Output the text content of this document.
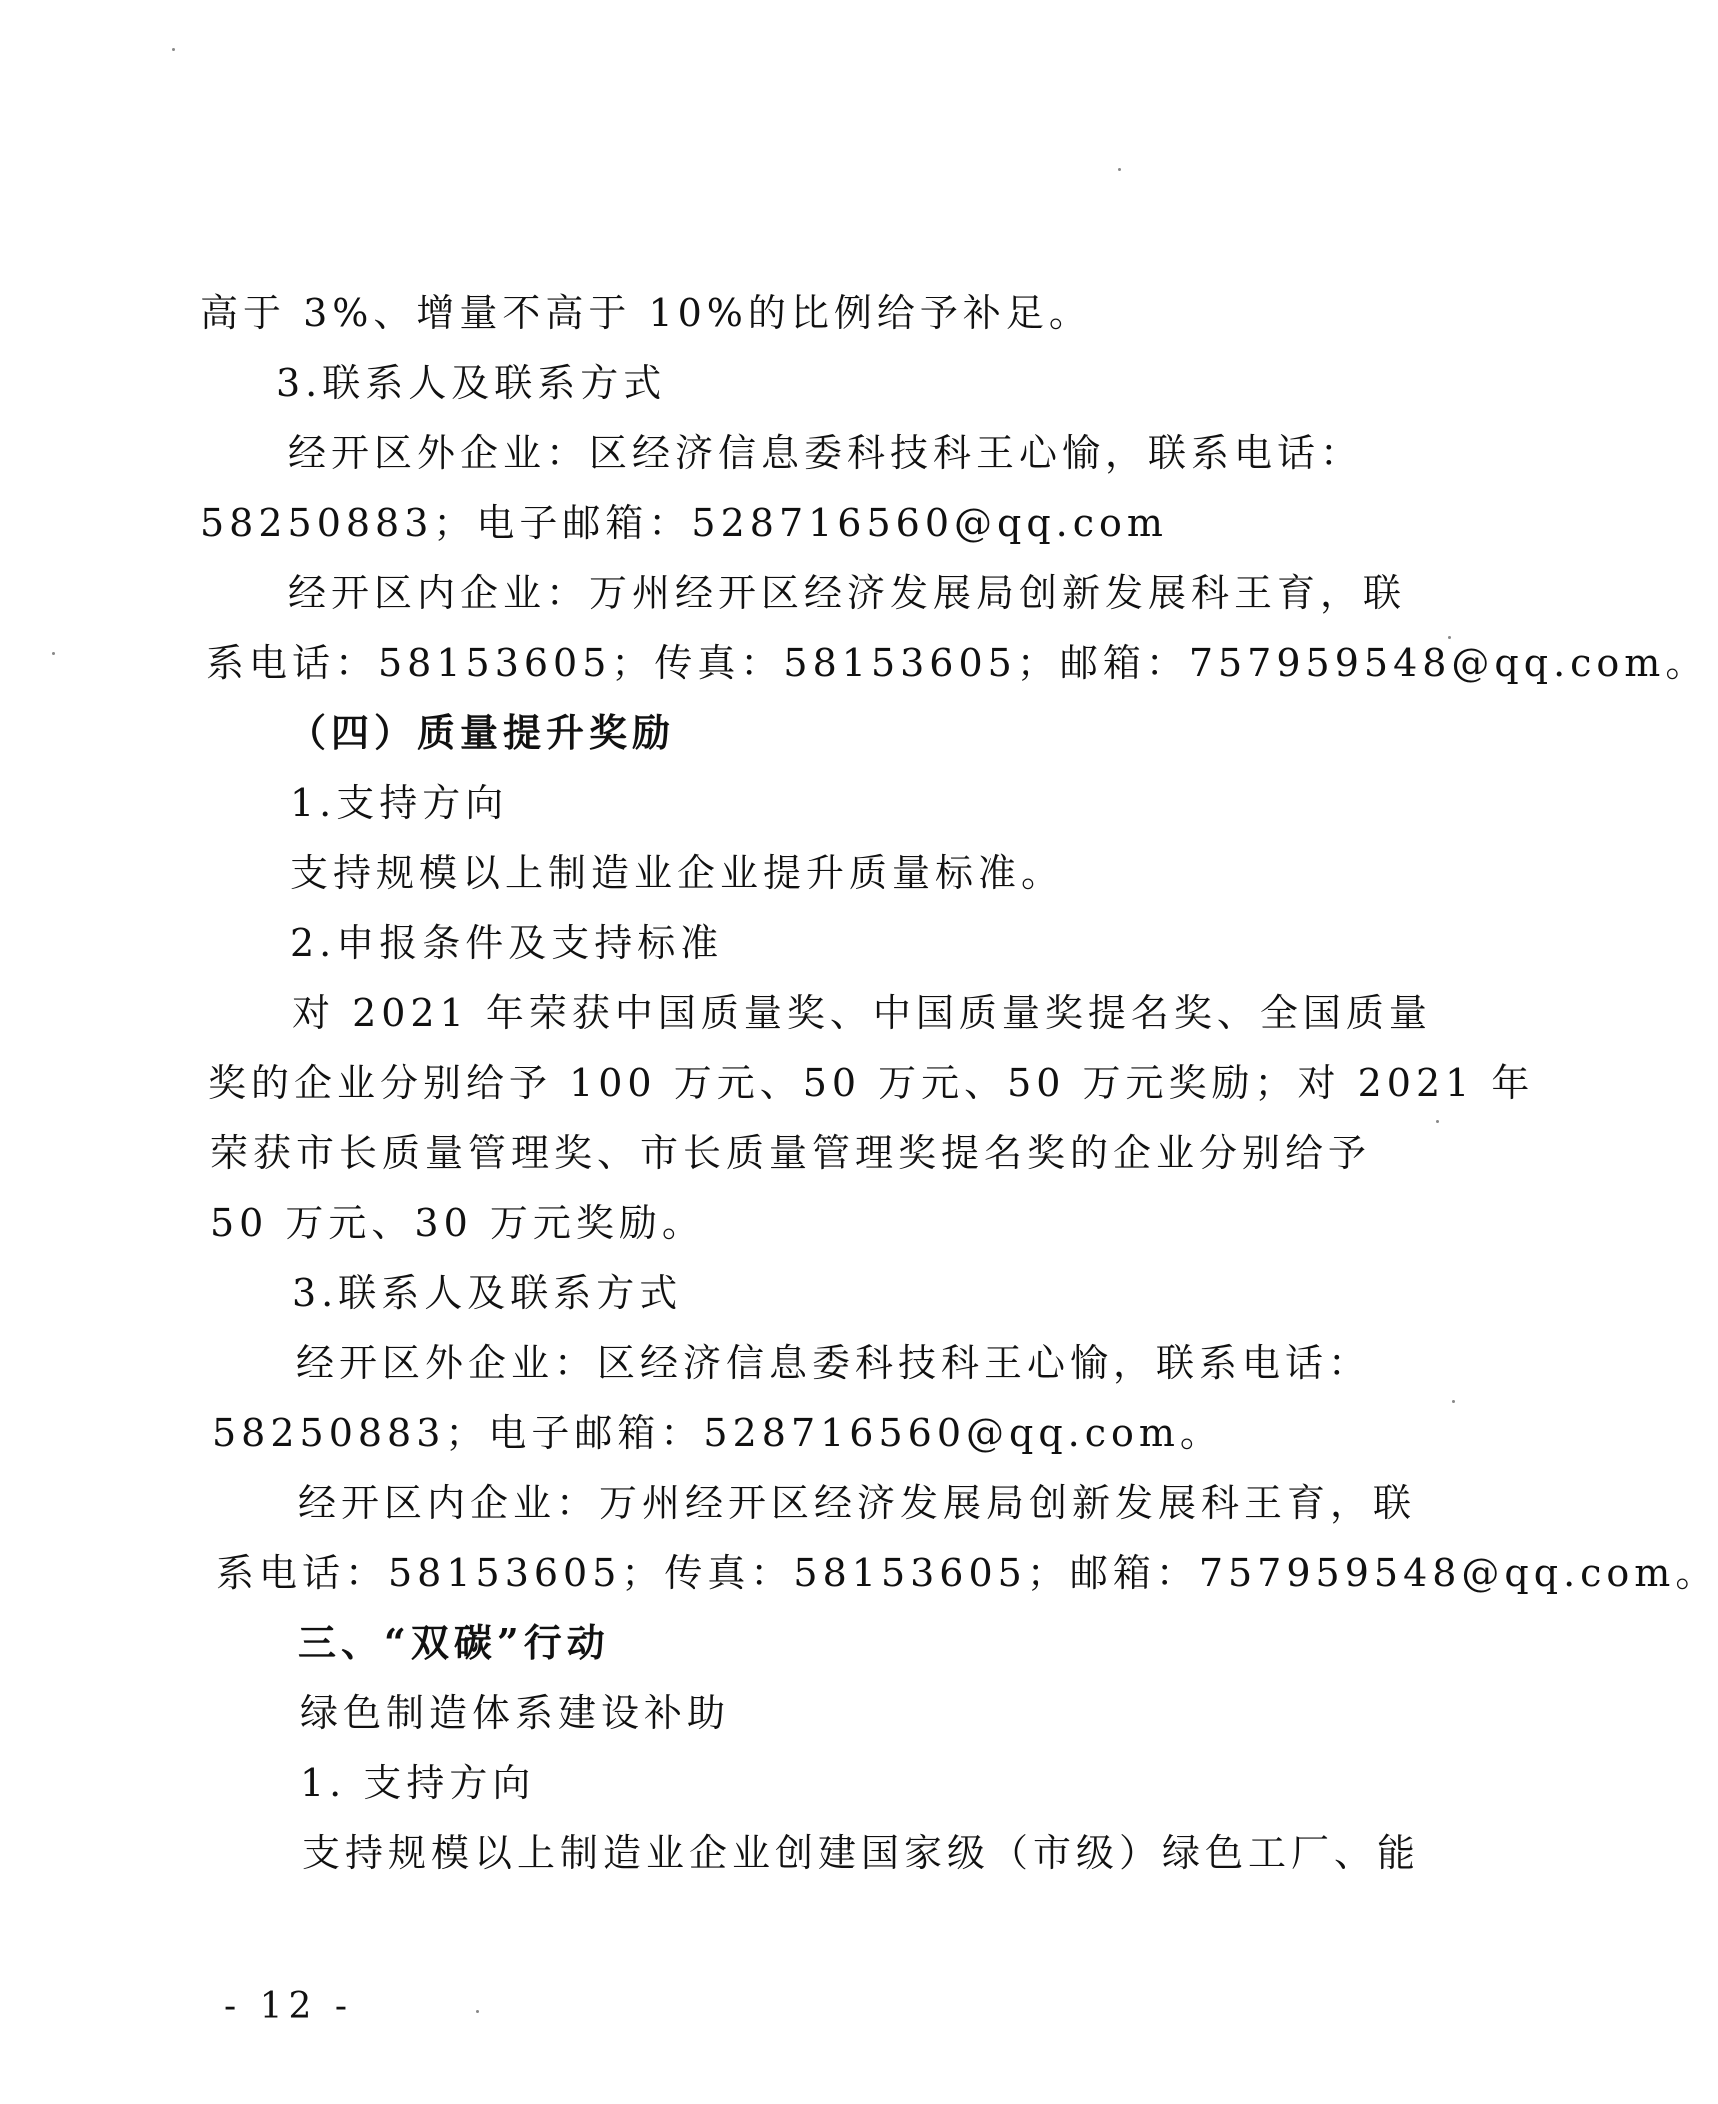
高于 3%、增量不高于 10%的比例给予补足。
3.联系人及联系方式
经开区外企业：区经济信息委科技科王心愉，联系电话：
58250883；电子邮箱：528716560@qq.com
经开区内企业：万州经开区经济发展局创新发展科王育，联
系电话：58153605；传真：58153605；邮箱：757959548@qq.com。
（四）质量提升奖励
1.支持方向
支持规模以上制造业企业提升质量标准。
2.申报条件及支持标准
对 2021 年荣获中国质量奖、中国质量奖提名奖、全国质量
奖的企业分别给予 100 万元、50 万元、50 万元奖励；对 2021 年
荣获市长质量管理奖、市长质量管理奖提名奖的企业分别给予
50 万元、30 万元奖励。
3.联系人及联系方式
经开区外企业：区经济信息委科技科王心愉，联系电话：
58250883；电子邮箱：528716560@qq.com。
经开区内企业：万州经开区经济发展局创新发展科王育，联
系电话：58153605；传真：58153605；邮箱：757959548@qq.com。
三、“双碳”行动
绿色制造体系建设补助
1. 支持方向
支持规模以上制造业企业创建国家级（市级）绿色工厂、能
- 12 -
